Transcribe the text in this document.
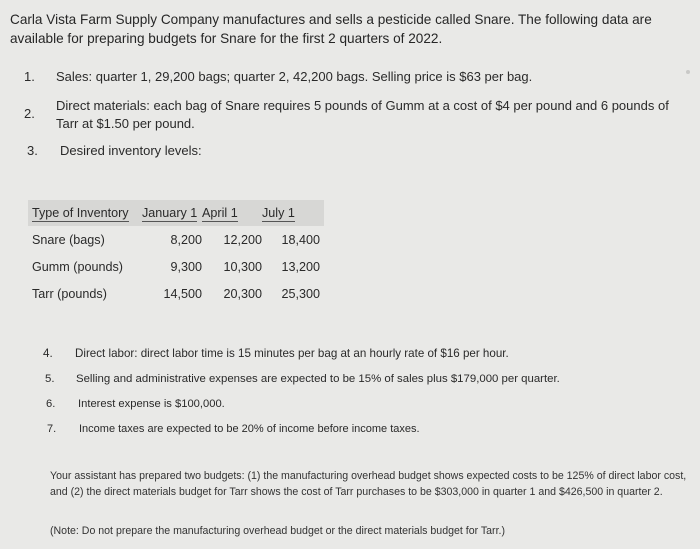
Carla Vista Farm Supply Company manufactures and sells a pesticide called Snare. The following data are available for preparing budgets for Snare for the first 2 quarters of 2022.
1. Sales: quarter 1, 29,200 bags; quarter 2, 42,200 bags. Selling price is $63 per bag.
2.
Direct materials: each bag of Snare requires 5 pounds of Gumm at a cost of $4 per pound and 6 pounds of Tarr at $1.50 per pound.
3. Desired inventory levels:
Type of Inventory	January 1	April 1	July 1
Snare (bags)	8,200	12,200	18,400
Gumm (pounds)	9,300	10,300	13,200
Tarr (pounds)	14,500	20,300	25,300
4. Direct labor: direct labor time is 15 minutes per bag at an hourly rate of $16 per hour.
5. Selling and administrative expenses are expected to be 15% of sales plus $179,000 per quarter.
6. Interest expense is $100,000.
7. Income taxes are expected to be 20% of income before income taxes.
Your assistant has prepared two budgets: (1) the manufacturing overhead budget shows expected costs to be 125% of direct labor cost, and (2) the direct materials budget for Tarr shows the cost of Tarr purchases to be $303,000 in quarter 1 and $426,500 in quarter 2.
(Note: Do not prepare the manufacturing overhead budget or the direct materials budget for Tarr.)
